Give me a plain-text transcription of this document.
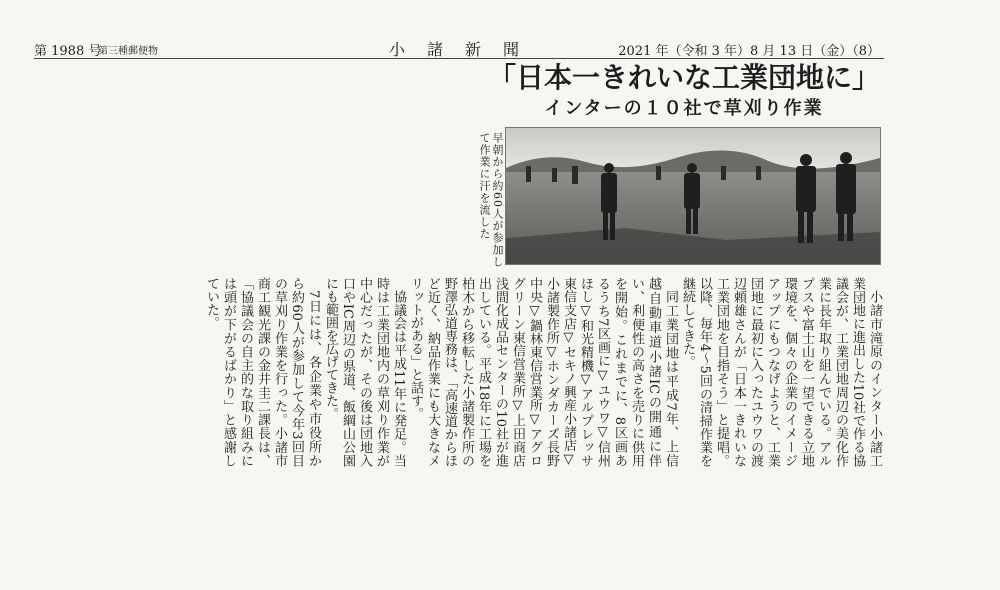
第 1988 号
第三種郵便物	小諸新聞	2021 年（令和 3 年）8 月 13 日（金）（8）
「日本一きれいな工業団地に」
インターの１０社で草刈り作業
早朝から約60人が参加して作業に汗を流した

小諸市滝原のインター小諸工業団地に進出した10社で作る協議会が、工業団地周辺の美化作業に長年取り組んでいる。アルプスや富士山を一望できる立地環境を、個々の企業のイメージアップにもつなげようと、工業団地に最初に入ったユウワの渡辺頼雄さんが「日本一きれいな工業団地を目指そう」と提唱。以降、毎年4～5回の清掃作業を継続してきた。

同工業団地は平成7年、上信越自動車道小諸ICの開通に伴い、利便性の高さを売りに供用を開始。これまでに、8区画あるうち7区画に▽ユウワ▽信州ほし▽和光精機▽アルプレッサ東信支店▽セキノ興産小諸店▽小諸製作所▽ホンダカーズ長野中央▽鍋林東信営業所▽アグログリーン東信営業所▽上田商店浅間化成品センターの10社が進出している。平成18年に工場を柏木から移転した小諸製作所の野澤弘道専務は、「高速道からほど近く、納品作業にも大きなメリットがある」と話す。

協議会は平成11年に発足。当時は工業団地内の草刈り作業が中心だったが、その後は団地入口やIC周辺の県道、飯綱山公園にも範囲を広げてきた。

7日には、各企業や市役所から約60人が参加して今年3回目の草刈り作業を行った。小諸市商工観光課の金井圭二課長は、「協議会の自主的な取り組みには頭が下がるばかり」と感謝していた。
